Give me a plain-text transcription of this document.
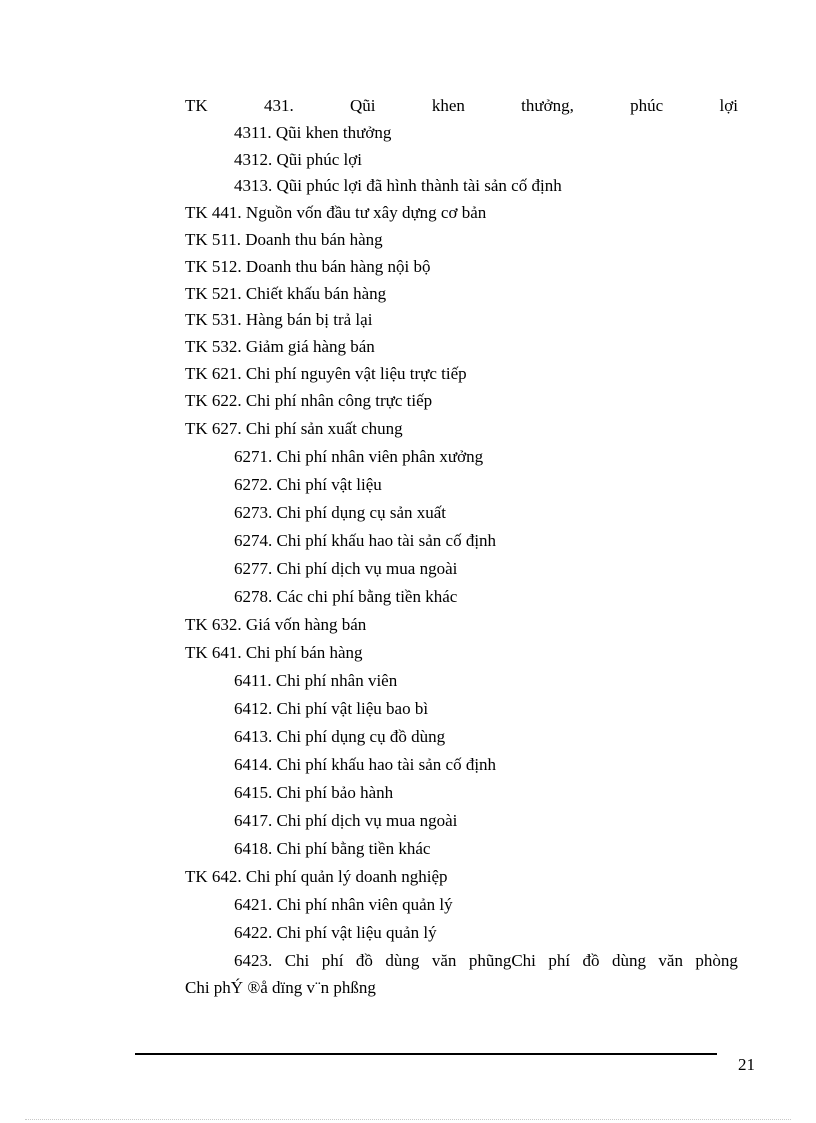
TK	431.	Qũi	khen	thưởng,	phúc	lợi
4311. Qũi khen thưởng
4312. Qũi phúc lợi
4313. Qũi phúc lợi đã hình thành tài sản cố định
TK 441. Nguồn vốn đầu tư xây dựng cơ bản
TK 511. Doanh thu bán hàng
TK 512. Doanh thu bán hàng nội bộ
TK 521. Chiết khấu bán hàng
TK 531. Hàng bán bị trả lại
TK 532. Giảm giá hàng bán
TK 621. Chi phí nguyên vật liệu trực tiếp
TK 622. Chi phí nhân công trực tiếp
TK 627. Chi phí sản xuất chung
6271. Chi phí nhân viên phân xưởng
6272. Chi phí vật liệu
6273. Chi phí dụng cụ sản xuất
6274. Chi phí khấu hao tài sản cố định
6277. Chi phí dịch vụ mua ngoài
6278. Các chi phí bằng tiền khác
TK 632. Giá vốn hàng bán
TK 641. Chi phí bán hàng
6411. Chi phí nhân viên
6412. Chi phí vật liệu bao bì
6413. Chi phí dụng cụ đồ dùng
6414. Chi phí khấu hao tài sản cố định
6415. Chi phí bảo hành
6417. Chi phí dịch vụ mua ngoài
6418. Chi phí bằng tiền khác
TK 642. Chi phí quản lý doanh nghiệp
6421. Chi phí nhân viên quản lý
6422. Chi phí vật liệu quản lý
6423. Chi phí đồ dùng văn phũngChi phí đồ dùng văn phòng
Chi phÝ ®å dïng v¨n phßng
21
